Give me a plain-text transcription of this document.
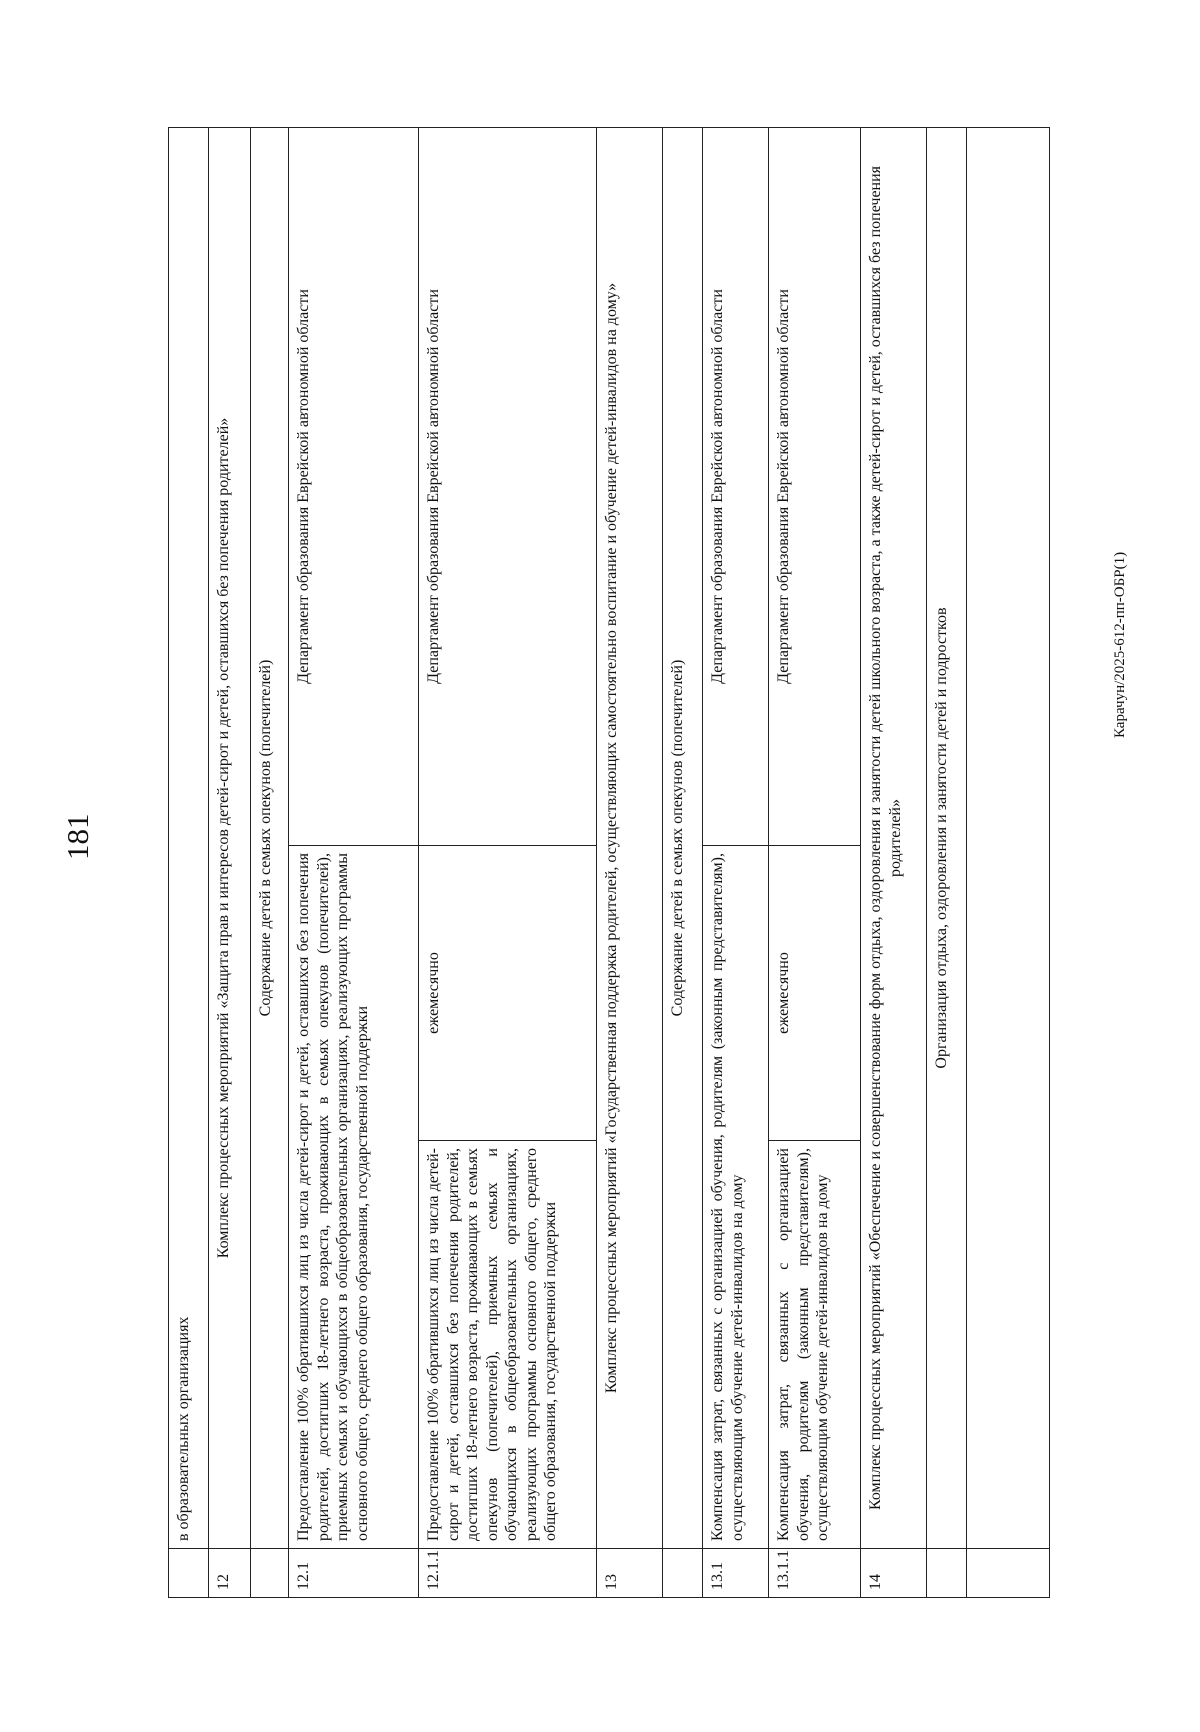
181
	в образовательных организациях		
12	Комплекс процессных мероприятий «Защита прав и интересов детей-сирот и детей, оставшихся без попечения родителей»		
	Содержание детей в семьях опекунов (попечителей)		
12.1	Предоставление 100% обратившихся лиц из числа детей-сирот и детей, оставшихся без попечения родителей, достигших 18-летнего возраста, проживающих в семьях опекунов (попечителей), приемных семьях и обучающихся в общеобразовательных организациях, реализующих программы основного общего, среднего общего образования, государственной поддержки		Департамент образования Еврейской автономной области
12.1.1	Предоставление 100% обратившихся лиц из числа детей-сирот и детей, оставшихся без попечения родителей, достигших 18-летнего возраста, проживающих в семьях опекунов (попечителей), приемных семьях и обучающихся в общеобразовательных организациях, реализующих программы основного общего, среднего общего образования, государственной поддержки	ежемесячно	Департамент образования Еврейской автономной области
13	Комплекс процессных мероприятий «Государственная поддержка родителей, осуществляющих самостоятельно воспитание и обучение детей-инвалидов на дому»		
	Содержание детей в семьях опекунов (попечителей)		
13.1	Компенсация затрат, связанных с организацией обучения, родителям (законным представителям), осуществляющим обучение детей-инвалидов на дому		Департамент образования Еврейской автономной области
13.1.1	Компенсация затрат, связанных с организацией обучения, родителям (законным представителям), осуществляющим обучение детей-инвалидов на дому	ежемесячно	Департамент образования Еврейской автономной области
14	Комплекс процессных мероприятий «Обеспечение и совершенствование форм отдыха, оздоровления и занятости детей школьного возраста, а также детей-сирот и детей, оставшихся без попечения родителей»		
	Организация отдыха, оздоровления и занятости детей и подростков		
		Карачун/2025-612-пп-ОБР(1)
